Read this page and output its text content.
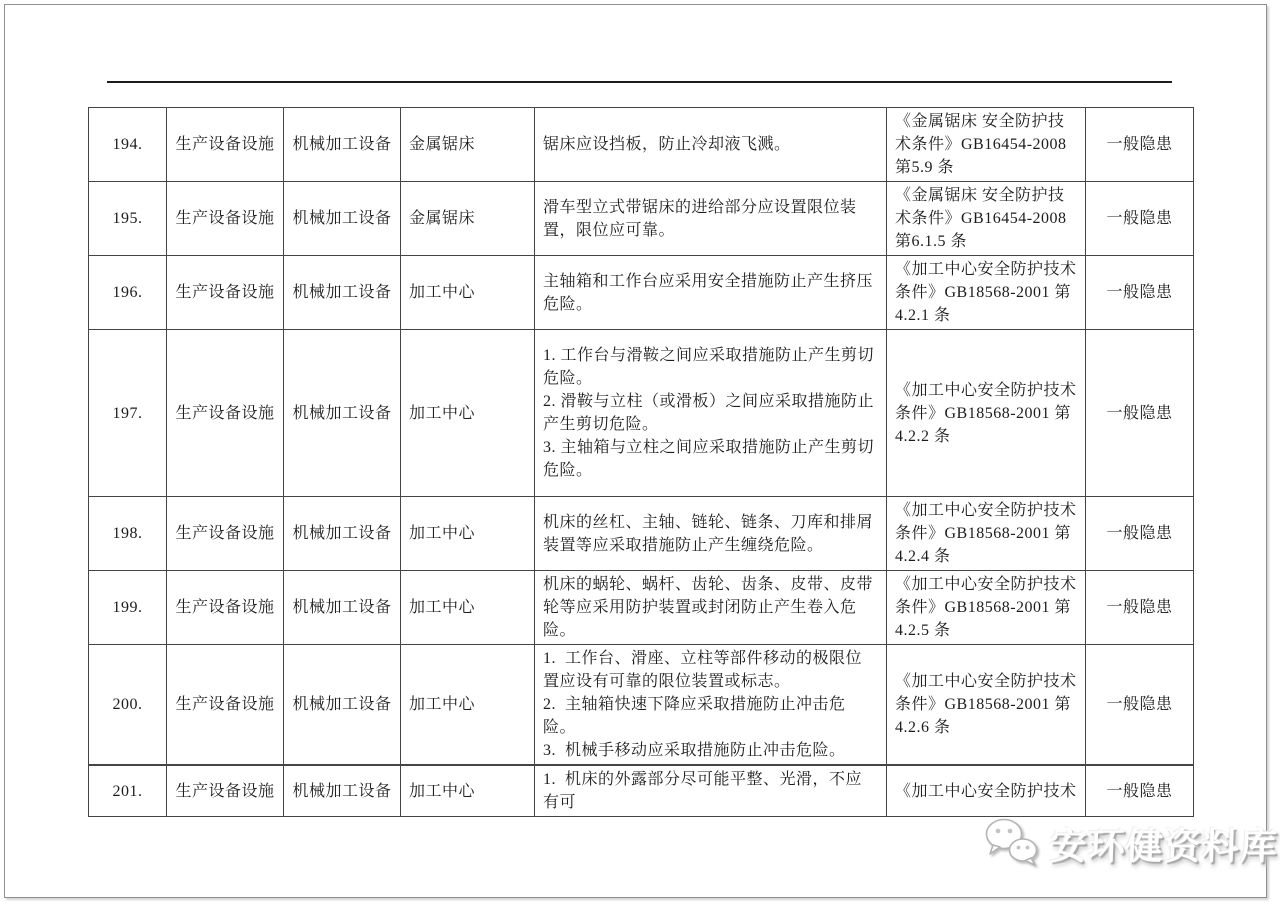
194.	生产设备设施	机械加工设备	金属锯床	锯床应设挡板，防止冷却液飞溅。	《金属锯床 安全防护技术条件》GB16454-2008 第5.9 条	一般隐患
195.	生产设备设施	机械加工设备	金属锯床	滑车型立式带锯床的进给部分应设置限位装置，限位应可靠。	《金属锯床 安全防护技术条件》GB16454-2008 第6.1.5 条	一般隐患
196.	生产设备设施	机械加工设备	加工中心	主轴箱和工作台应采用安全措施防止产生挤压危险。	《加工中心安全防护技术条件》GB18568-2001 第4.2.1 条	一般隐患
197.	生产设备设施	机械加工设备	加工中心	1. 工作台与滑鞍之间应采取措施防止产生剪切危险。
2. 滑鞍与立柱（或滑板）之间应采取措施防止产生剪切危险。
3. 主轴箱与立柱之间应采取措施防止产生剪切危险。	《加工中心安全防护技术条件》GB18568-2001 第4.2.2 条	一般隐患
198.	生产设备设施	机械加工设备	加工中心	机床的丝杠、主轴、链轮、链条、刀库和排屑装置等应采取措施防止产生缠绕危险。	《加工中心安全防护技术条件》GB18568-2001 第4.2.4 条	一般隐患
199.	生产设备设施	机械加工设备	加工中心	机床的蜗轮、蜗杆、齿轮、齿条、皮带、皮带轮等应采用防护装置或封闭防止产生卷入危险。	《加工中心安全防护技术条件》GB18568-2001 第4.2.5 条	一般隐患
200.	生产设备设施	机械加工设备	加工中心	1.  工作台、滑座、立柱等部件移动的极限位置应设有可靠的限位装置或标志。
2.  主轴箱快速下降应采取措施防止冲击危险。
3.  机械手移动应采取措施防止冲击危险。	《加工中心安全防护技术条件》GB18568-2001 第4.2.6 条	一般隐患
201.	生产设备设施	机械加工设备	加工中心	1.  机床的外露部分尽可能平整、光滑，不应有可	《加工中心安全防护技术	一般隐患
安环健资料库
